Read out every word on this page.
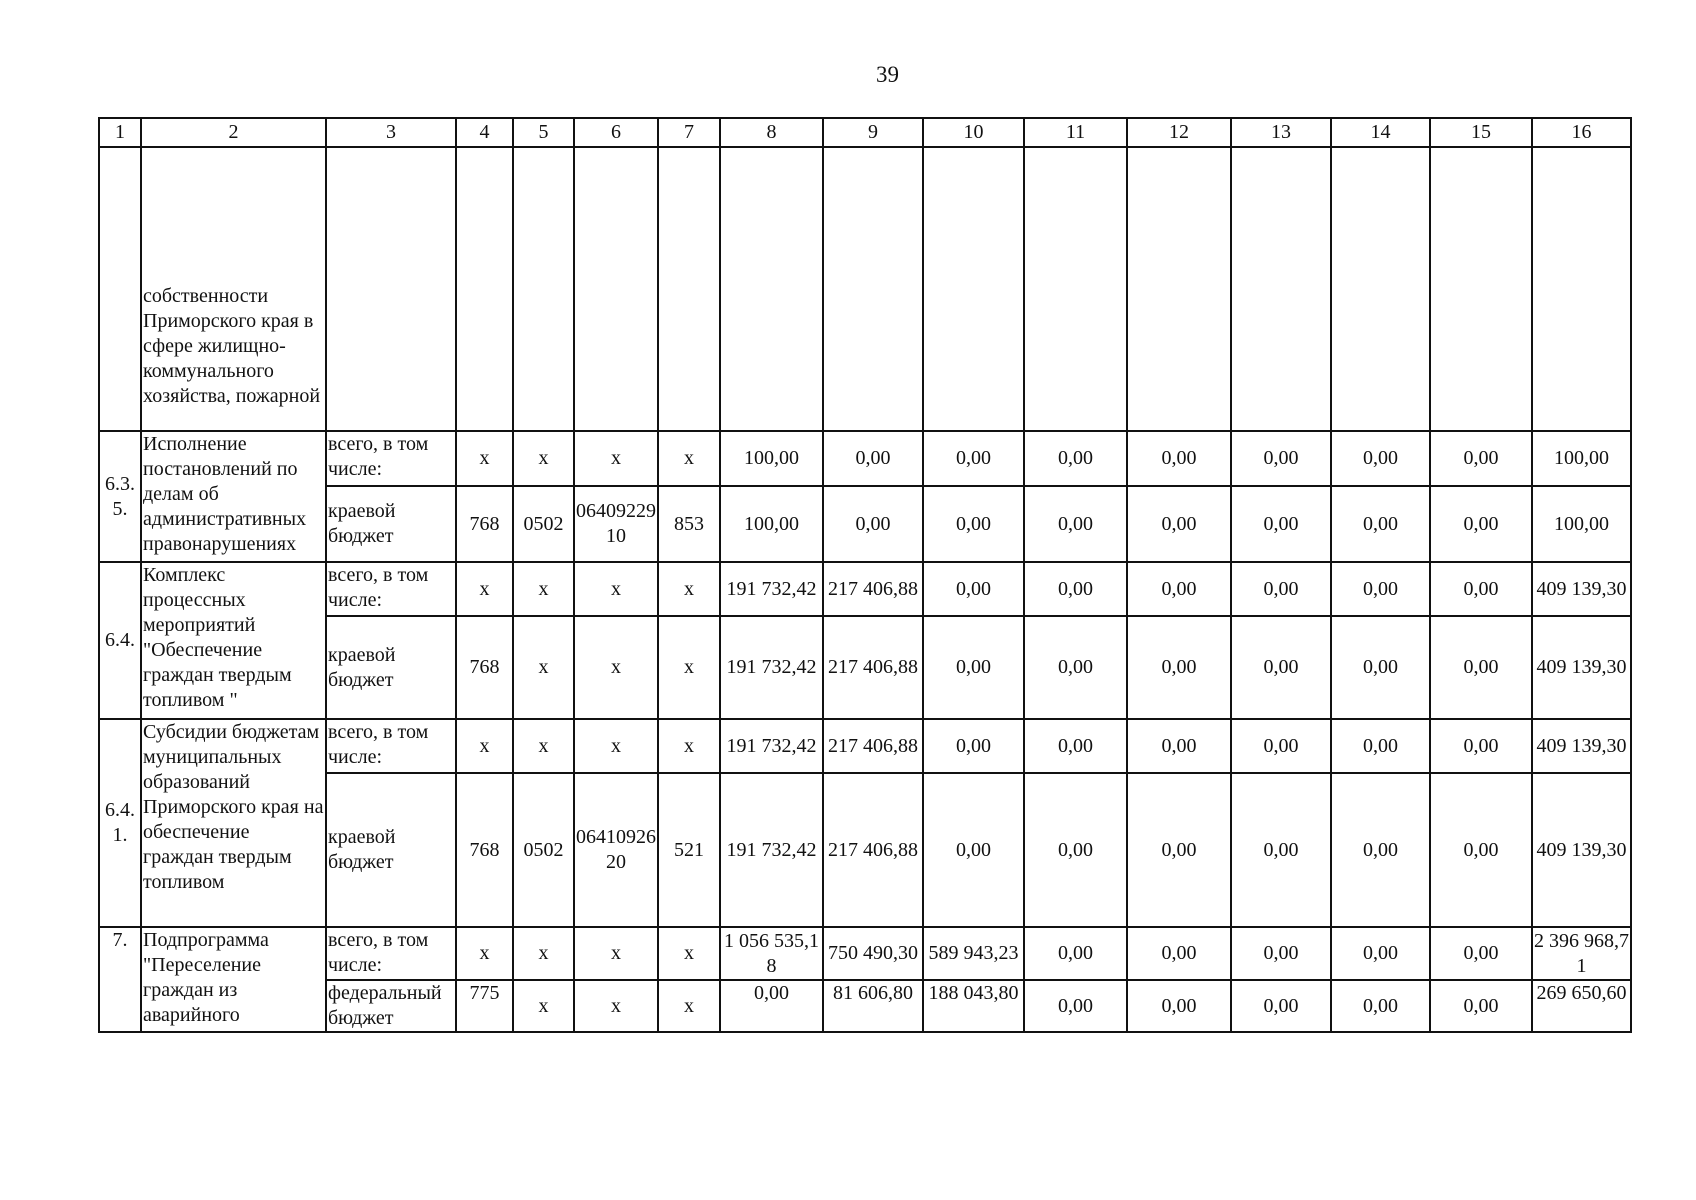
39
1	2	3	4	5	6	7	8	9	10	11	12	13	14	15	16

	собственности Приморского края в сфере жилищно-коммунального хозяйства, пожарной														

6.3.5.	Исполнение постановлений по делам об административных правонарушениях	всего, в том числе:	х	х	х	х	100,00	0,00	0,00	0,00	0,00	0,00	0,00	0,00	100,00
		краевой бюджет	768	0502	0640922910	853	100,00	0,00	0,00	0,00	0,00	0,00	0,00	0,00	100,00
6.4.	Комплекс процессных мероприятий "Обеспечение граждан твердым топливом "	всего, в том числе:	х	х	х	х	191 732,42	217 406,88	0,00	0,00	0,00	0,00	0,00	0,00	409 139,30
		краевой бюджет	768	х	х	х	191 732,42	217 406,88	0,00	0,00	0,00	0,00	0,00	0,00	409 139,30
6.4.1.	Субсидии бюджетам муниципальных образований Приморского края на обеспечение граждан твердым топливом	всего, в том числе:	х	х	х	х	191 732,42	217 406,88	0,00	0,00	0,00	0,00	0,00	0,00	409 139,30
		краевой бюджет	768	0502	0641092620	521	191 732,42	217 406,88	0,00	0,00	0,00	0,00	0,00	0,00	409 139,30
7.	Подпрограмма "Переселение граждан из аварийного	всего, в том числе:	х	х	х	х	1 056 535,18	750 490,30	589 943,23	0,00	0,00	0,00	0,00	0,00	2 396 968,71
		федеральный бюджет	775	х	х	х	0,00	81 606,80	188 043,80	0,00	0,00	0,00	0,00	0,00	269 650,60
